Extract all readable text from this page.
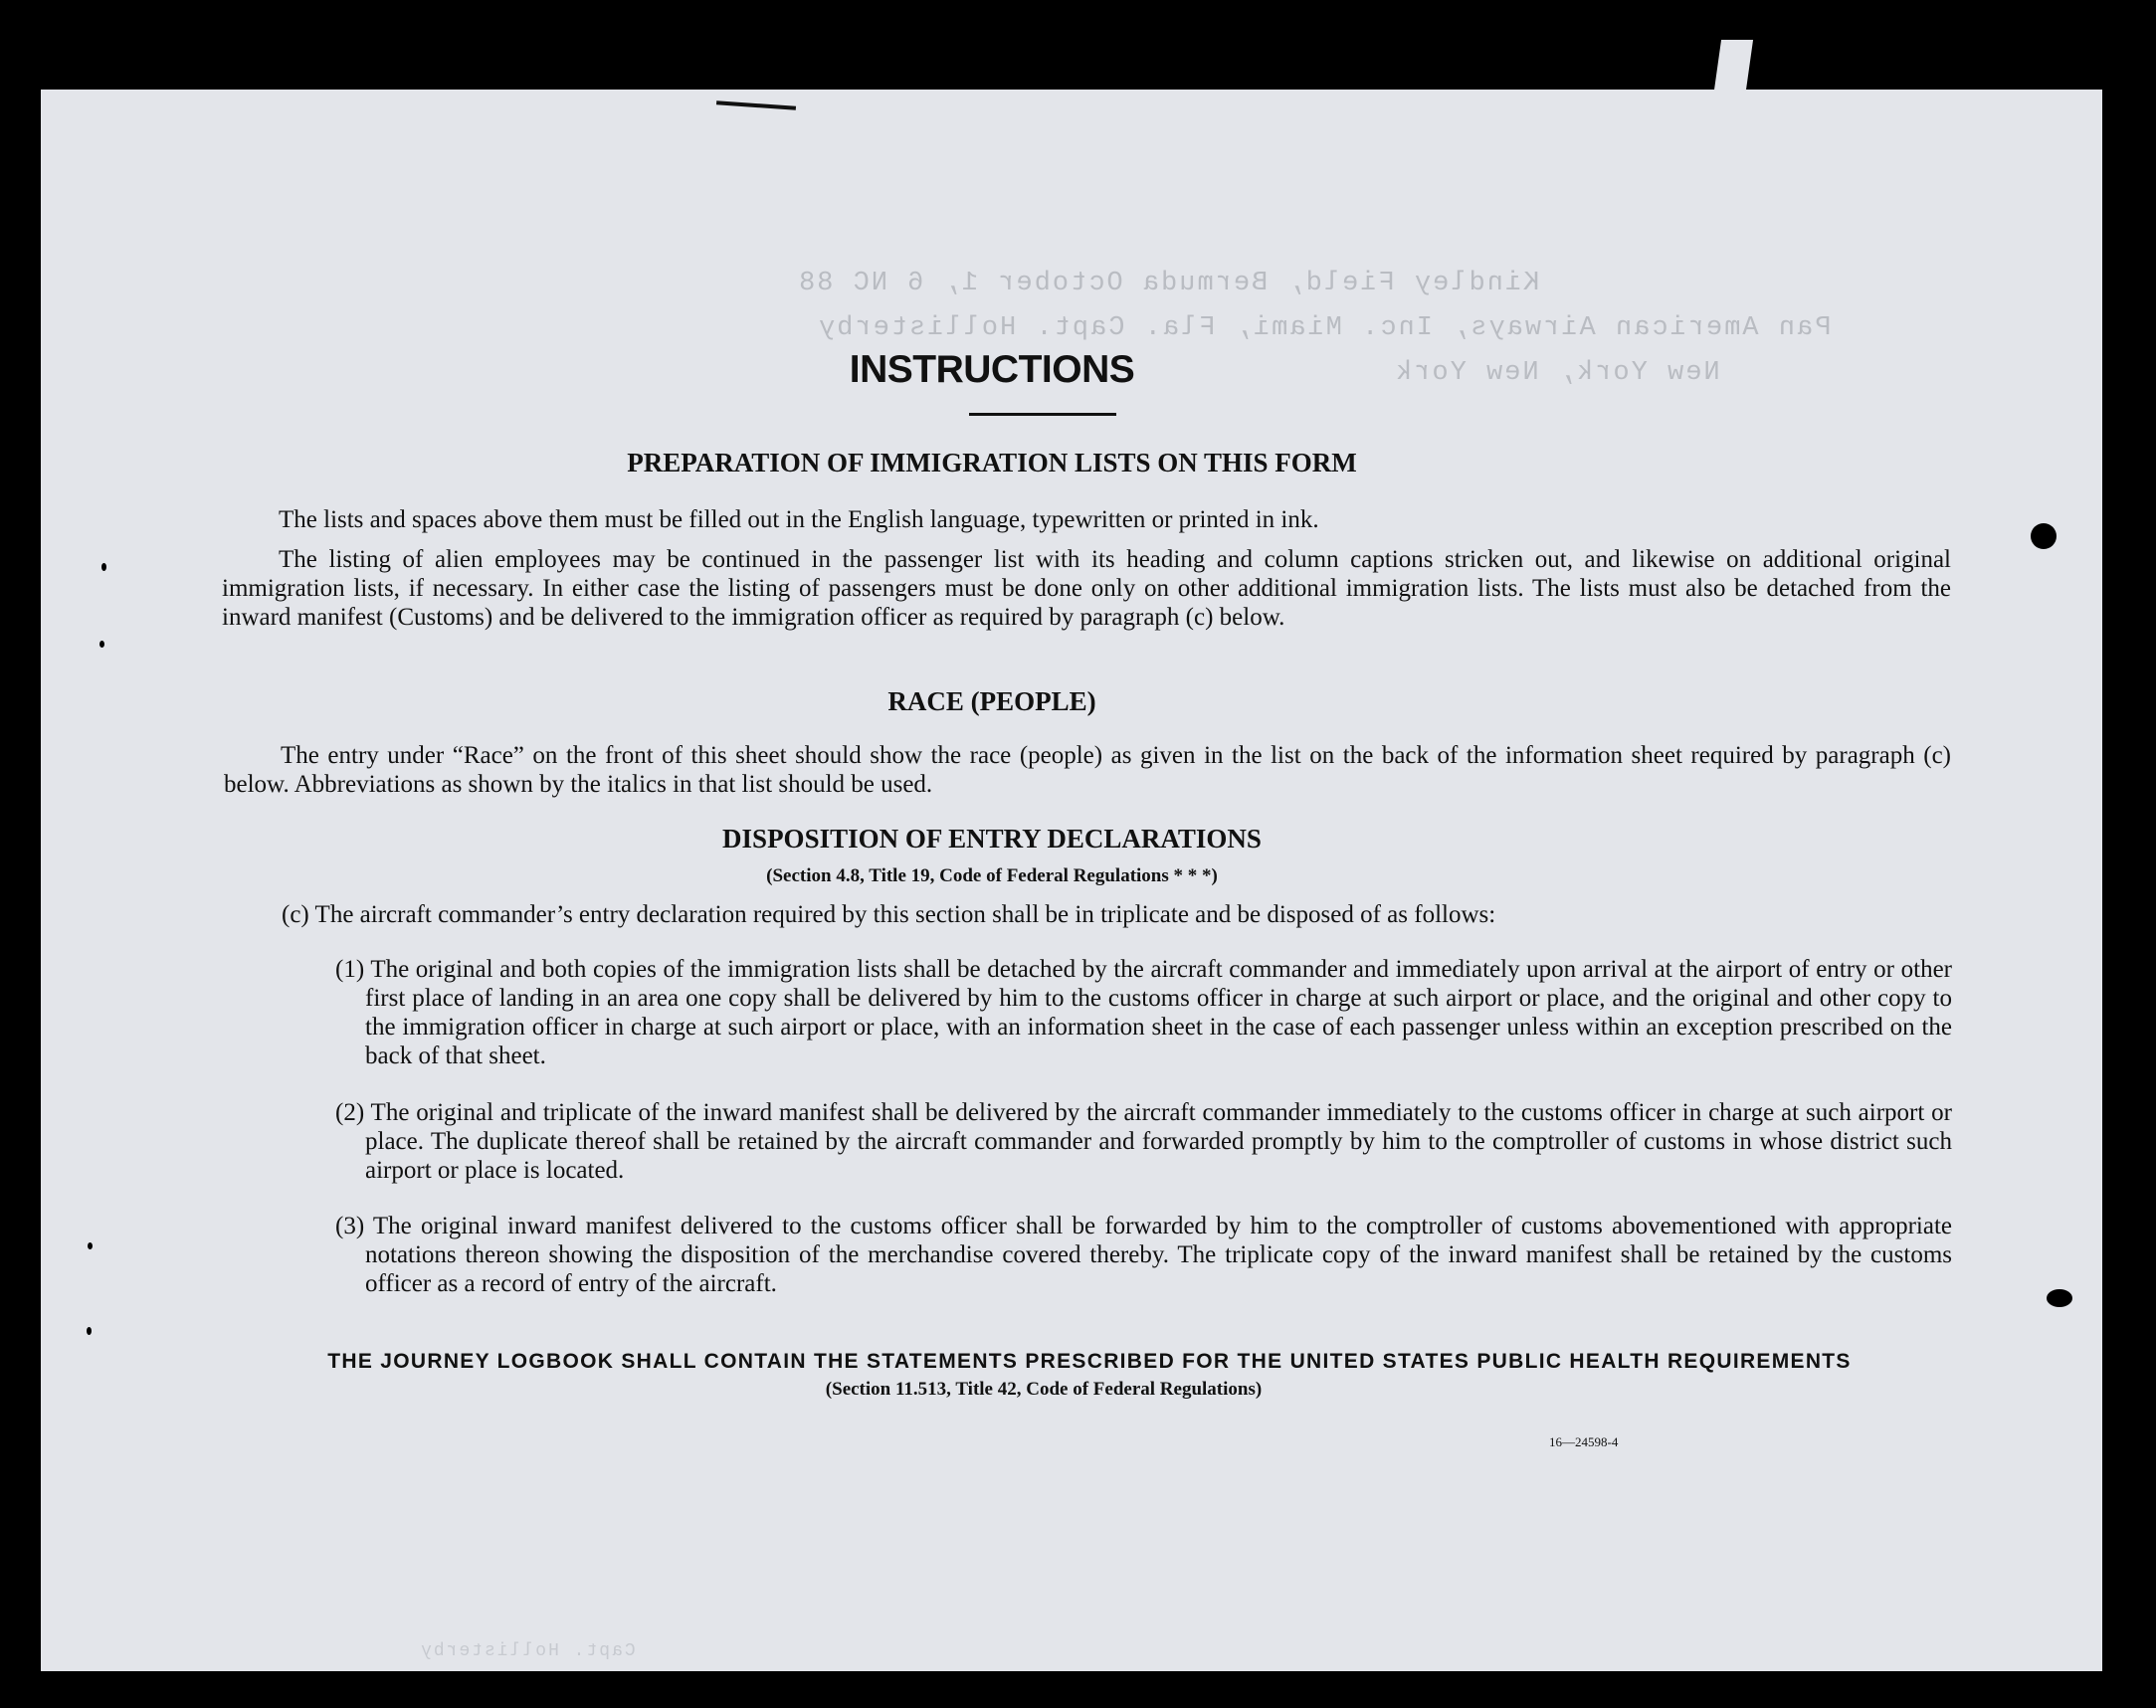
Kindley Field, Bermuda October 1, 6 NC 88
Pan American Airways, Inc. Miami, Fla. Capt. Hollisterby
New York, New York
INSTRUCTIONS
PREPARATION OF IMMIGRATION LISTS ON THIS FORM
The lists and spaces above them must be filled out in the English language, typewritten or printed in ink.
The listing of alien employees may be continued in the passenger list with its heading and column captions stricken out, and likewise on additional original immigration lists, if necessary. In either case the listing of passengers must be done only on other additional immigration lists. The lists must also be detached from the inward manifest (Customs) and be delivered to the immigration officer as required by paragraph (c) below.
RACE (PEOPLE)
The entry under “Race” on the front of this sheet should show the race (people) as given in the list on the back of the information sheet required by paragraph (c) below. Abbreviations as shown by the italics in that list should be used.
DISPOSITION OF ENTRY DECLARATIONS
(Section 4.8, Title 19, Code of Federal Regulations * * *)
(c) The aircraft commander’s entry declaration required by this section shall be in triplicate and be disposed of as follows:
(1) The original and both copies of the immigration lists shall be detached by the aircraft commander and immediately upon arrival at the airport of entry or other first place of landing in an area one copy shall be delivered by him to the customs officer in charge at such airport or place, and the original and other copy to the immigration officer in charge at such airport or place, with an information sheet in the case of each passenger unless within an exception prescribed on the back of that sheet.
(2) The original and triplicate of the inward manifest shall be delivered by the aircraft commander immediately to the customs officer in charge at such airport or place. The duplicate thereof shall be retained by the aircraft commander and forwarded promptly by him to the comptroller of customs in whose district such airport or place is located.
(3) The original inward manifest delivered to the customs officer shall be forwarded by him to the comptroller of customs abovementioned with appropriate notations thereon showing the disposition of the merchandise covered thereby. The triplicate copy of the inward manifest shall be retained by the customs officer as a record of entry of the aircraft.
THE JOURNEY LOGBOOK SHALL CONTAIN THE STATEMENTS PRESCRIBED FOR THE UNITED STATES PUBLIC HEALTH REQUIREMENTS
(Section 11.513, Title 42, Code of Federal Regulations)
16—24598-4
Capt. Hollisterby
